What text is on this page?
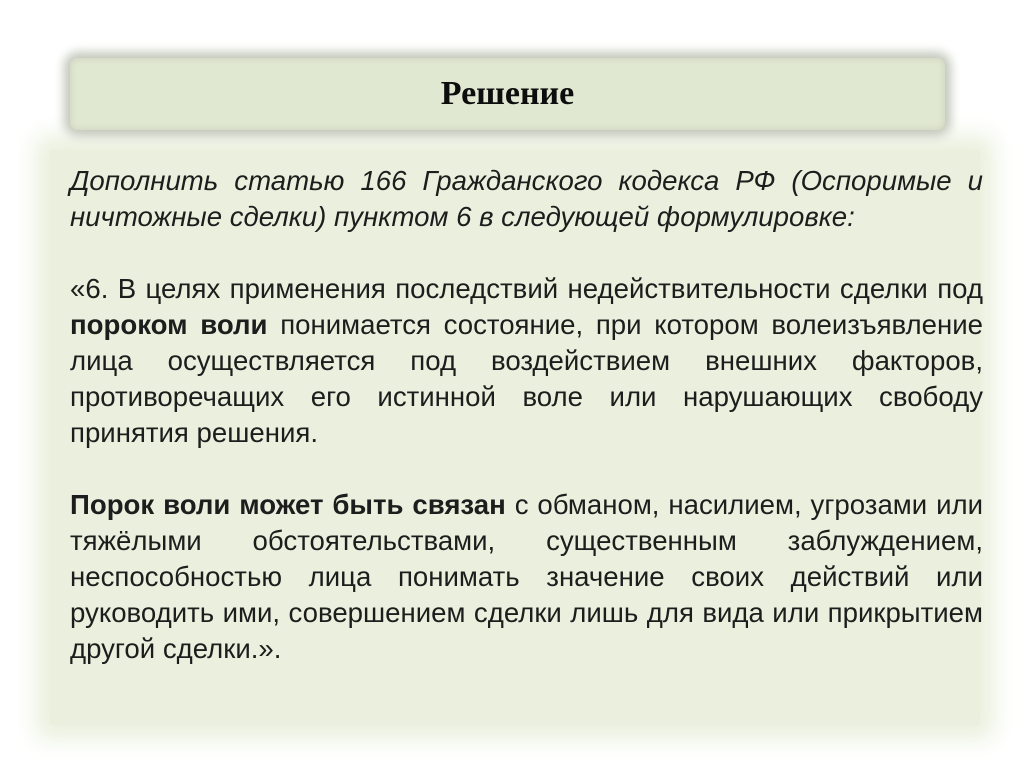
Решение

Дополнить статью 166 Гражданского кодекса РФ (Оспоримые и ничтожные сделки) пунктом 6 в следующей формулировке:

«6. В целях применения последствий недействительности сделки под пороком воли понимается состояние, при котором волеизъявление лица осуществляется под воздействием внешних факторов, противоречащих его истинной воле или нарушающих свободу принятия решения.

Порок воли может быть связан с обманом, насилием, угрозами или тяжёлыми обстоятельствами, существенным заблуждением, неспособностью лица понимать значение своих действий или руководить ими, совершением сделки лишь для вида или прикрытием другой сделки.».
